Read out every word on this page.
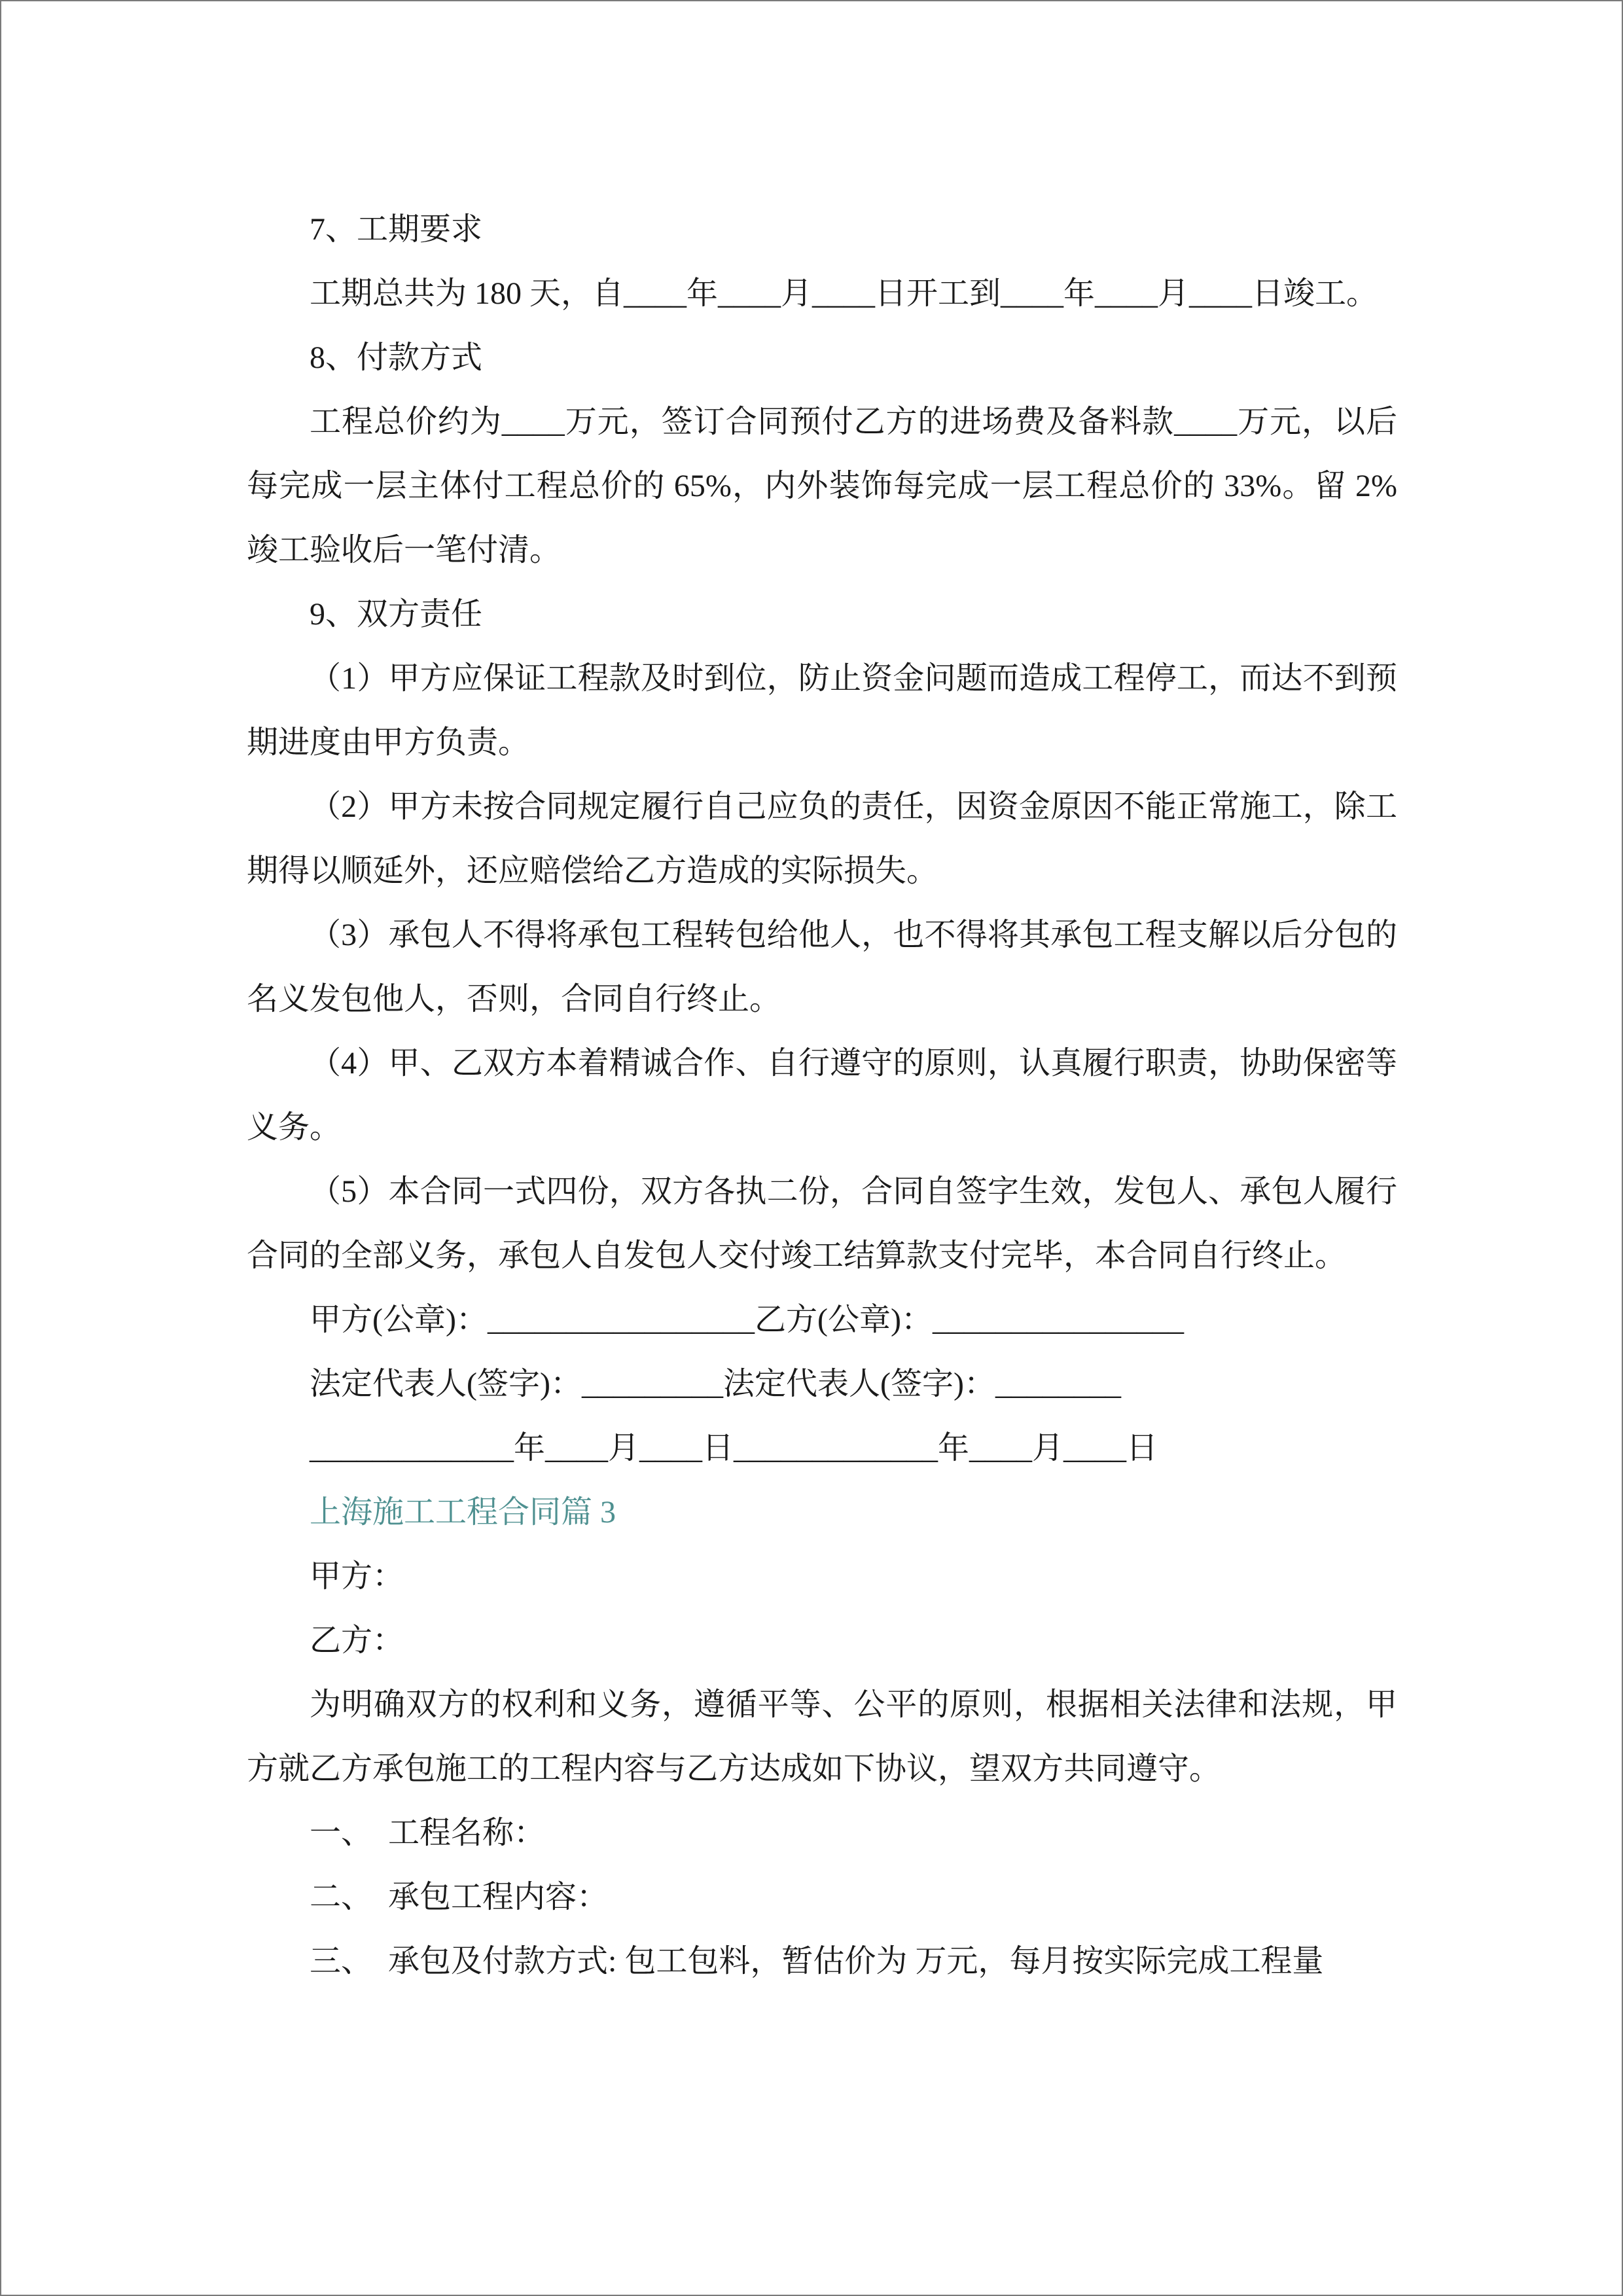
7、工期要求

工期总共为 180 天，自____年____月____日开工到____年____月____日竣工。

8、付款方式

工程总价约为____万元，签订合同预付乙方的进场费及备料款____万元，以后每完成一层主体付工程总价的 65%，内外装饰每完成一层工程总价的 33%。留 2%竣工验收后一笔付清。

9、双方责任

（1）甲方应保证工程款及时到位，防止资金问题而造成工程停工，而达不到预期进度由甲方负责。

（2）甲方未按合同规定履行自己应负的责任，因资金原因不能正常施工，除工期得以顺延外，还应赔偿给乙方造成的实际损失。

（3）承包人不得将承包工程转包给他人，也不得将其承包工程支解以后分包的名义发包他人，否则，合同自行终止。

（4）甲、乙双方本着精诚合作、自行遵守的原则，认真履行职责，协助保密等义务。

（5）本合同一式四份，双方各执二份，合同自签字生效，发包人、承包人履行合同的全部义务，承包人自发包人交付竣工结算款支付完毕，本合同自行终止。

甲方(公章)：_________________乙方(公章)：________________

法定代表人(签字)：_________法定代表人(签字)：________

_____________年____月____日_____________年____月____日

上海施工工程合同篇 3

甲方：

乙方：

为明确双方的权利和义务，遵循平等、公平的原则，根据相关法律和法规，甲方就乙方承包施工的工程内容与乙方达成如下协议，望双方共同遵守。

一、　工程名称：

二、　承包工程内容：

三、　承包及付款方式: 包工包料，暂估价为 万元，每月按实际完成工程量
